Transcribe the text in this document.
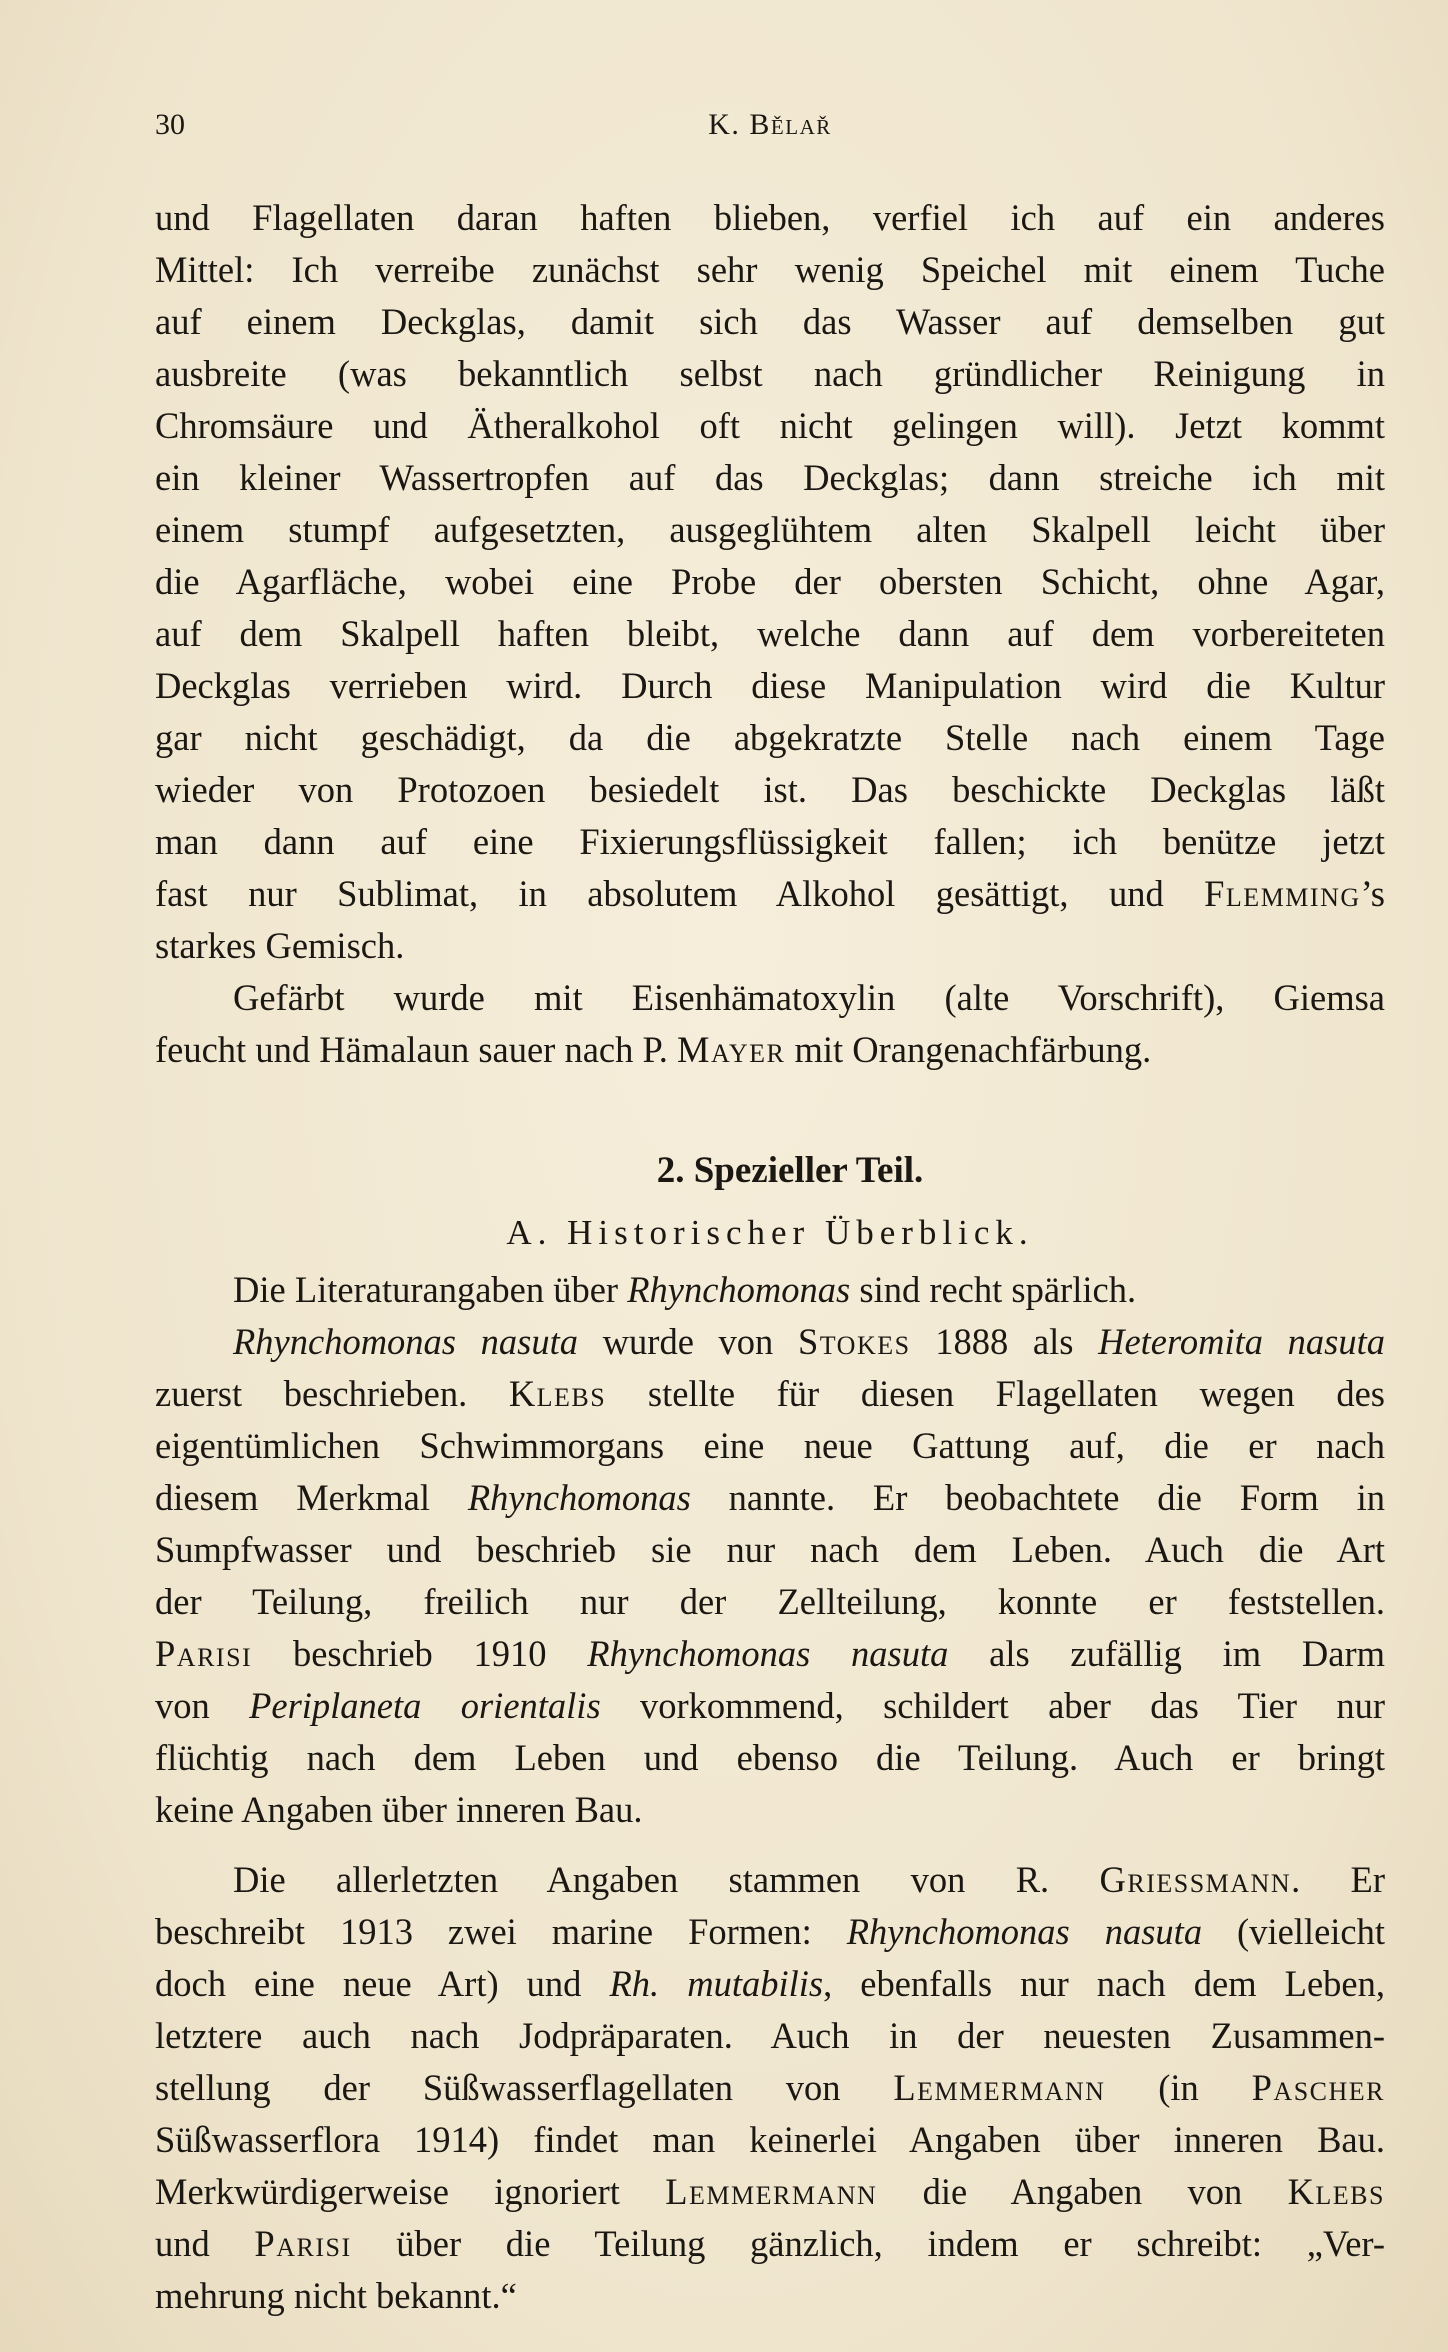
30	K. Bělař
und Flagellaten daran haften blieben, verfiel ich auf ein anderes
Mittel: Ich verreibe zunächst sehr wenig Speichel mit einem Tuche
auf einem Deckglas, damit sich das Wasser auf demselben gut
ausbreite (was bekanntlich selbst nach gründlicher Reinigung in
Chromsäure und Ätheralkohol oft nicht gelingen will). Jetzt kommt
ein kleiner Wassertropfen auf das Deckglas; dann streiche ich mit
einem stumpf aufgesetzten, ausgeglühtem alten Skalpell leicht über
die Agarfläche, wobei eine Probe der obersten Schicht, ohne Agar,
auf dem Skalpell haften bleibt, welche dann auf dem vorbereiteten
Deckglas verrieben wird. Durch diese Manipulation wird die Kultur
gar nicht geschädigt, da die abgekratzte Stelle nach einem Tage
wieder von Protozoen besiedelt ist. Das beschickte Deckglas läßt
man dann auf eine Fixierungsflüssigkeit fallen; ich benütze jetzt
fast nur Sublimat, in absolutem Alkohol gesättigt, und Flemming’s
starkes Gemisch.
Gefärbt wurde mit Eisenhämatoxylin (alte Vorschrift), Giemsa
feucht und Hämalaun sauer nach P. Mayer mit Orangenachfärbung.
2. Spezieller Teil.
A. Historischer Überblick.
Die Literaturangaben über Rhynchomonas sind recht spärlich.
Rhynchomonas nasuta wurde von Stokes 1888 als Heteromita nasuta
zuerst beschrieben. Klebs stellte für diesen Flagellaten wegen des
eigentümlichen Schwimmorgans eine neue Gattung auf, die er nach
diesem Merkmal Rhynchomonas nannte. Er beobachtete die Form in
Sumpfwasser und beschrieb sie nur nach dem Leben. Auch die Art
der Teilung, freilich nur der Zellteilung, konnte er feststellen.
Parisi beschrieb 1910 Rhynchomonas nasuta als zufällig im Darm
von Periplaneta orientalis vorkommend, schildert aber das Tier nur
flüchtig nach dem Leben und ebenso die Teilung. Auch er bringt
keine Angaben über inneren Bau.
Die allerletzten Angaben stammen von R. Griessmann. Er
beschreibt 1913 zwei marine Formen: Rhynchomonas nasuta (vielleicht
doch eine neue Art) und Rh. mutabilis, ebenfalls nur nach dem Leben,
letztere auch nach Jodpräparaten. Auch in der neuesten Zusammen-
stellung der Süßwasserflagellaten von Lemmermann (in Pascher
Süßwasserflora 1914) findet man keinerlei Angaben über inneren Bau.
Merkwürdigerweise ignoriert Lemmermann die Angaben von Klebs
und Parisi über die Teilung gänzlich, indem er schreibt: „Ver-
mehrung nicht bekannt.“
